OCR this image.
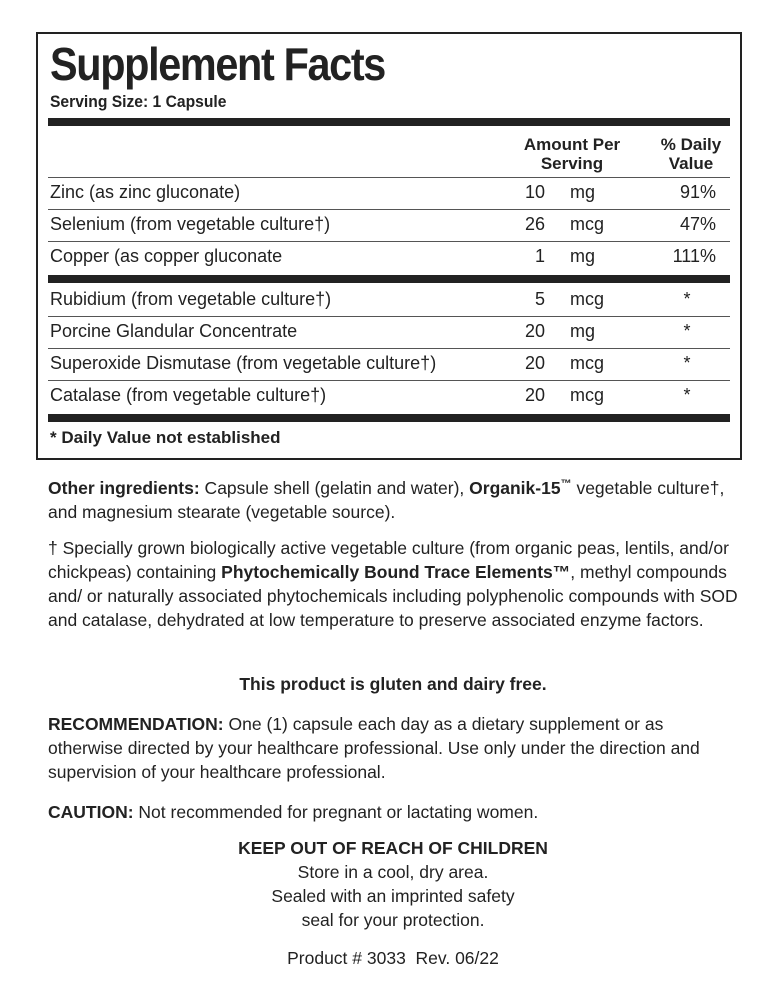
Supplement Facts
Serving Size: 1 Capsule
Amount Per
Serving
% Daily
Value
Zinc (as zinc gluconate)	10 mg	91%
Selenium (from vegetable culture†)	26 mcg	47%
Copper (as copper gluconate	1 mg	111%
Rubidium (from vegetable culture†)	5 mcg	*
Porcine Glandular Concentrate	20 mg	*
Superoxide Dismutase (from vegetable culture†)	20 mcg	*
Catalase (from vegetable culture†)	20 mcg	*
* Daily Value not established
Other ingredients: Capsule shell (gelatin and water), Organik-15™ vegetable culture†, and magnesium stearate (vegetable source).
† Specially grown biologically active vegetable culture (from organic peas, lentils, and/or chickpeas) containing Phytochemically Bound Trace Elements™, methyl compounds and/ or naturally associated phytochemicals including polyphenolic compounds with SOD and catalase, dehydrated at low temperature to preserve associated enzyme factors.
This product is gluten and dairy free.
RECOMMENDATION: One (1) capsule each day as a dietary supplement or as otherwise directed by your healthcare professional. Use only under the direction and supervision of your healthcare professional.
CAUTION: Not recommended for pregnant or lactating women.
KEEP OUT OF REACH OF CHILDREN
Store in a cool, dry area.
Sealed with an imprinted safety
seal for your protection.
Product # 3033  Rev. 06/22
